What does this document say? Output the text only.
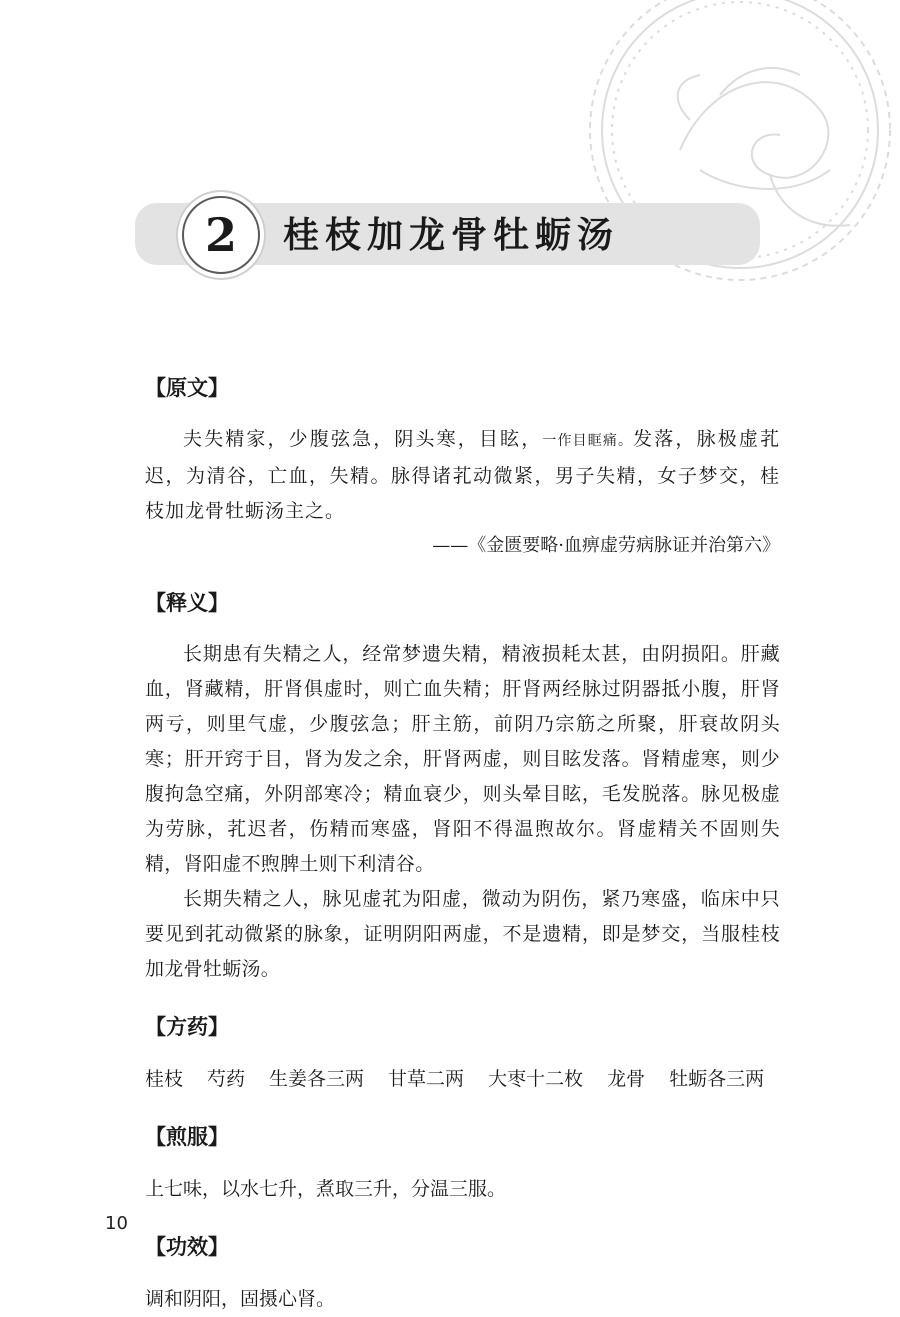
2	桂枝加龙骨牡蛎汤
【原文】

夫失精家，少腹弦急，阴头寒，目眩，一作目眶痛。发落，脉极虚芤迟，为清谷，亡血，失精。脉得诸芤动微紧，男子失精，女子梦交，桂枝加龙骨牡蛎汤主之。

——《金匮要略·血痹虚劳病脉证并治第六》

【释义】

长期患有失精之人，经常梦遗失精，精液损耗太甚，由阴损阳。肝藏血，肾藏精，肝肾俱虚时，则亡血失精；肝肾两经脉过阴器抵小腹，肝肾两亏，则里气虚，少腹弦急；肝主筋，前阴乃宗筋之所聚，肝衰故阴头寒；肝开窍于目，肾为发之余，肝肾两虚，则目眩发落。肾精虚寒，则少腹拘急空痛，外阴部寒冷；精血衰少，则头晕目眩，毛发脱落。脉见极虚为劳脉，芤迟者，伤精而寒盛，肾阳不得温煦故尔。肾虚精关不固则失精，肾阳虚不煦脾土则下利清谷。

长期失精之人，脉见虚芤为阳虚，微动为阴伤，紧乃寒盛，临床中只要见到芤动微紧的脉象，证明阴阳两虚，不是遗精，即是梦交，当服桂枝加龙骨牡蛎汤。

【方药】
桂枝 芍药 生姜各三两 甘草二两 大枣十二枚 龙骨 牡蛎各三两
【煎服】

上七味，以水七升，煮取三升，分温三服。

【功效】

调和阴阳，固摄心肾。

10
